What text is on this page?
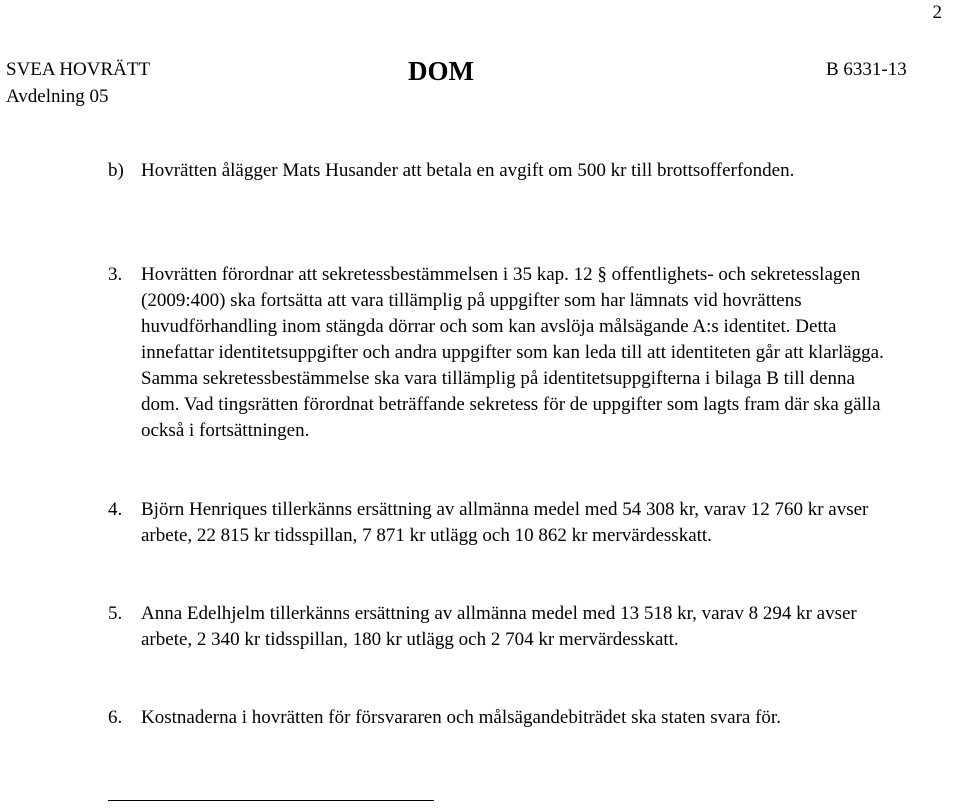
2
SVEA HOVRÄTT
Avdelning 05
DOM	B 6331-13
b) Hovrätten ålägger Mats Husander att betala en avgift om 500 kr till brottsofferfonden.
3. Hovrätten förordnar att sekretessbestämmelsen i 35 kap. 12 § offentlighets- och sekretesslagen (2009:400) ska fortsätta att vara tillämplig på uppgifter som har lämnats vid hovrättens huvudförhandling inom stängda dörrar och som kan avslöja målsägande A:s identitet. Detta innefattar identitetsuppgifter och andra uppgifter som kan leda till att identiteten går att klarlägga. Samma sekretessbestämmelse ska vara tillämplig på identitetsuppgifterna i bilaga B till denna dom. Vad tingsrätten förordnat beträffande sekretess för de uppgifter som lagts fram där ska gälla också i fortsättningen.
4. Björn Henriques tillerkänns ersättning av allmänna medel med 54 308 kr, varav 12 760 kr avser arbete, 22 815 kr tidsspillan, 7 871 kr utlägg och 10 862 kr mervärdesskatt.
5. Anna Edelhjelm tillerkänns ersättning av allmänna medel med 13 518 kr, varav 8 294 kr avser arbete, 2 340 kr tidsspillan, 180 kr utlägg och 2 704 kr mervärdesskatt.
6. Kostnaderna i hovrätten för försvararen och målsägandebiträdet ska staten svara för.
